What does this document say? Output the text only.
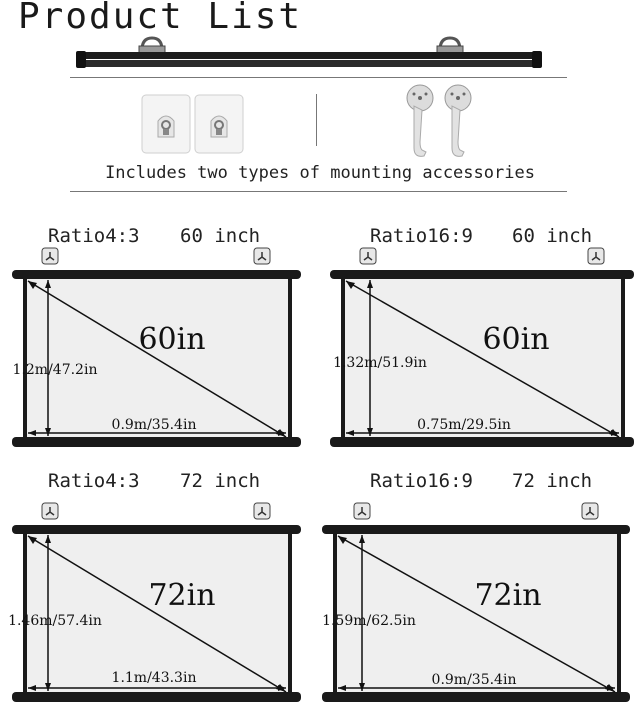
Product List
Includes two types of mounting accessories
Ratio4:3 60 inch
60in
1.2m/47.2in
0.9m/35.4in
Ratio16:9 60 inch
60in
1.32m/51.9in
0.75m/29.5in
Ratio4:3 72 inch
72in
1.46m/57.4in
1.1m/43.3in
Ratio16:9 72 inch
72in
1.59m/62.5in
0.9m/35.4in
